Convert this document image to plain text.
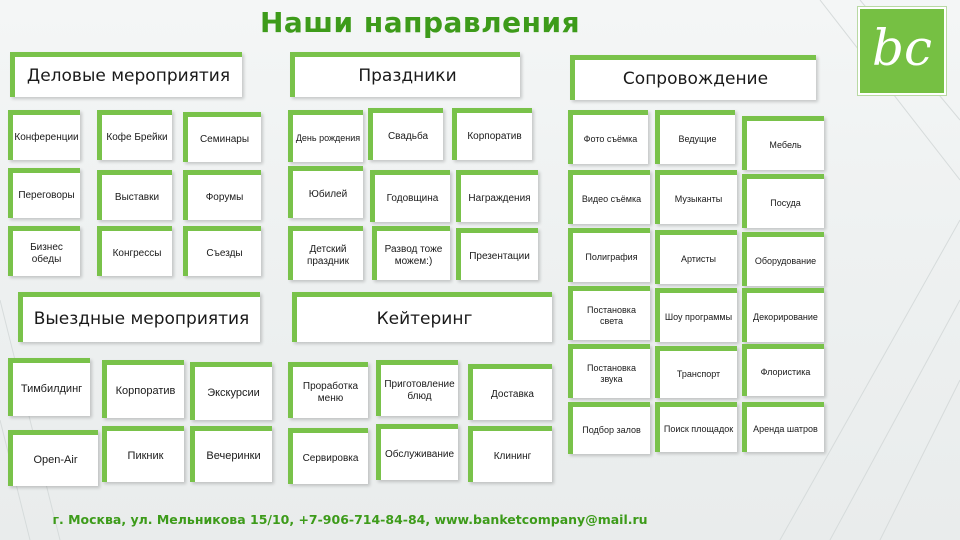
Наши направления	bc
Деловые мероприятия
Конференции	Кофе Брейки	Семинары
Переговоры	Выставки	Форумы
Бизнес обеды
Конгрессы	Съезды
Праздники
День рождения	Свадьба	Корпоратив
Юбилей	Годовщина	Награждения
Детский праздник
Развод тоже можем:)	Презентации
Сопровождение
Фото съёмка	Ведущие
Мебель
Видео съёмка	Музыканты	Посуда
Полиграфия	Артисты	Оборудование
Постановка света	Шоу программы	Декорирование
Постановка звука	Транспорт	Флористика
Подбор залов	Поиск площадок	Аренда шатров
Выездные мероприятия
Тимбилдинг	Корпоратив	Экскурсии
Open-Air	Пикник	Вечеринки
Кейтеринг
Проработка меню
Приготовление блюд	Доставка
Сервировка	Обслуживание	Клининг
г. Москва, ул. Мельникова 15/10, +7-906-714-84-84, www.banketcompany@mail.ru
